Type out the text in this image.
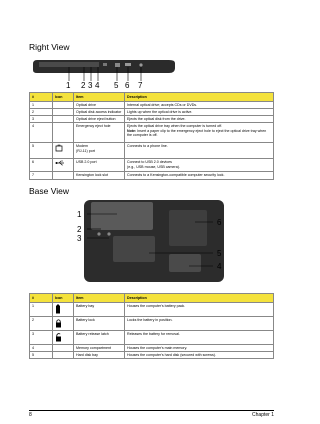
Right View
1 2 3 4 5 6 7
#	Icon	Item	Description
1		Optical drive	Internal optical drive; accepts CDs or DVDs.
2		Optical disk access indicator	Lights up when the optical drive is active.
3		Optical drive eject button	Ejects the optical disk from the drive.
4		Emergency eject hole	Ejects the optical drive tray when the computer is turned off.
Note: Insert a paper clip to the emergency eject hole to eject the optical drive tray when the computer is off.

5		Modem
(RJ-11) port	Connects to a phone line.
6		USB 2.0 port	Connect to USB 2.0 devices
(e.g., USB mouse, USB camera).

7		Kensington lock slot	Connects to a Kensington-compatible computer security lock.
Base View
1
2
3
4
5
6
#	Icon	Item	Description
1		Battery bay	Houses the computer's battery pack.
2		Battery lock	Locks the battery in position.
3		Battery release latch	Releases the battery for removal.
4		Memory compartment	Houses the computer's main memory.
5		Hard disk bay	Houses the computer's hard disk (secured with screws).
8	Chapter 1
